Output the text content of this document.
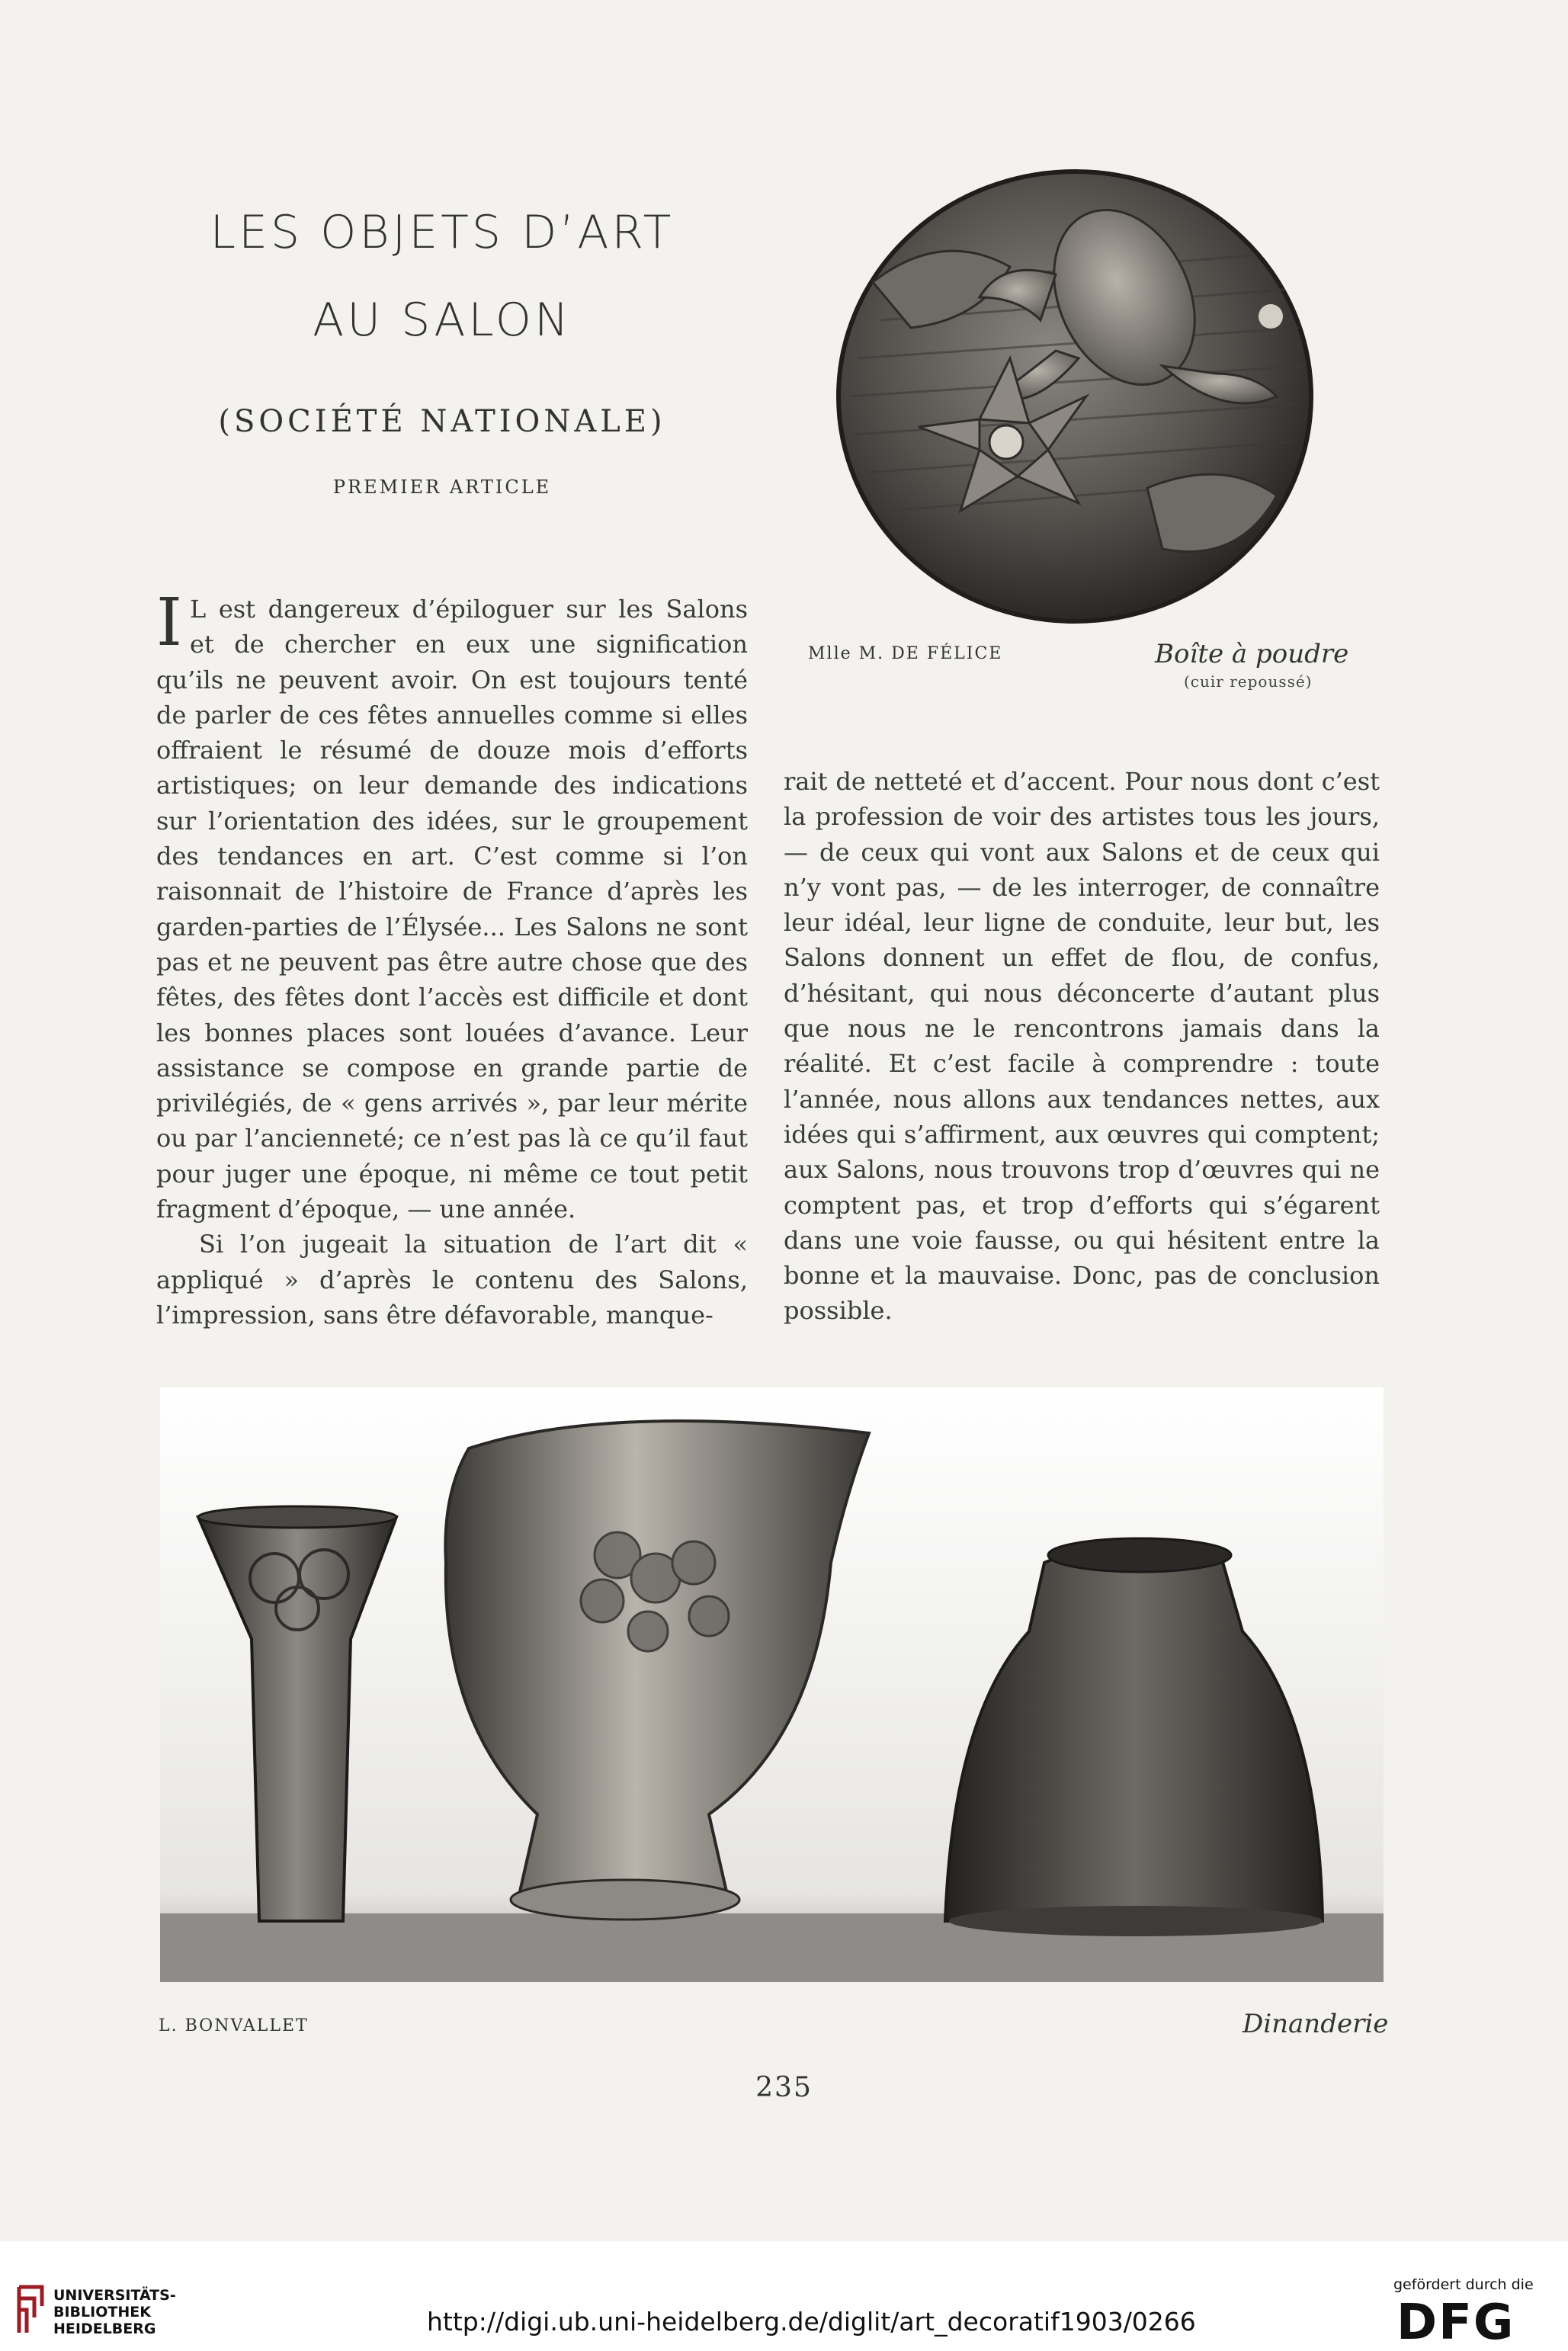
LES OBJETS D’ART
AU SALON
(SOCIÉTÉ NATIONALE)
PREMIER ARTICLE
Mlle M. DE FÉLICE	Boîte à poudre
(cuir repoussé)

I L est dangereux d’épiloguer sur les Salons et de chercher en eux une signification qu’ils ne peuvent avoir. On est toujours tenté de parler de ces fêtes annuelles comme si elles offraient le résumé de douze mois d’efforts artistiques; on leur demande des indications sur l’orientation des idées, sur le groupement des tendances en art. C’est comme si l’on raisonnait de l’histoire de France d’après les garden-parties de l’Élysée... Les Salons ne sont pas et ne peuvent pas être autre chose que des fêtes, des fêtes dont l’accès est difficile et dont les bonnes places sont louées d’avance. Leur assistance se compose en grande partie de privilégiés, de « gens arrivés », par leur mérite ou par l’ancienneté; ce n’est pas là ce qu’il faut pour juger une époque, ni même ce tout petit fragment d’époque, — une année.

Si l’on jugeait la situation de l’art dit « appliqué » d’après le contenu des Salons, l’impression, sans être défavorable, manque-

rait de netteté et d’accent. Pour nous dont c’est la profession de voir des artistes tous les jours, — de ceux qui vont aux Salons et de ceux qui n’y vont pas, — de les interroger, de connaître leur idéal, leur ligne de conduite, leur but, les Salons donnent un effet de flou, de confus, d’hésitant, qui nous déconcerte d’autant plus que nous ne le rencontrons jamais dans la réalité. Et c’est facile à comprendre : toute l’année, nous allons aux tendances nettes, aux idées qui s’affirment, aux œuvres qui comptent; aux Salons, nous trouvons trop d’œuvres qui ne comptent pas, et trop d’efforts qui s’égarent dans une voie fausse, ou qui hésitent entre la bonne et la mauvaise. Donc, pas de conclusion possible.

L. BONVALLET	Dinanderie
235
UNIVERSITÄTS-
BIBLIOTHEK
HEIDELBERG	http://digi.ub.uni-heidelberg.de/diglit/art_decoratif1903/0266
gefördert durch die
DFG
